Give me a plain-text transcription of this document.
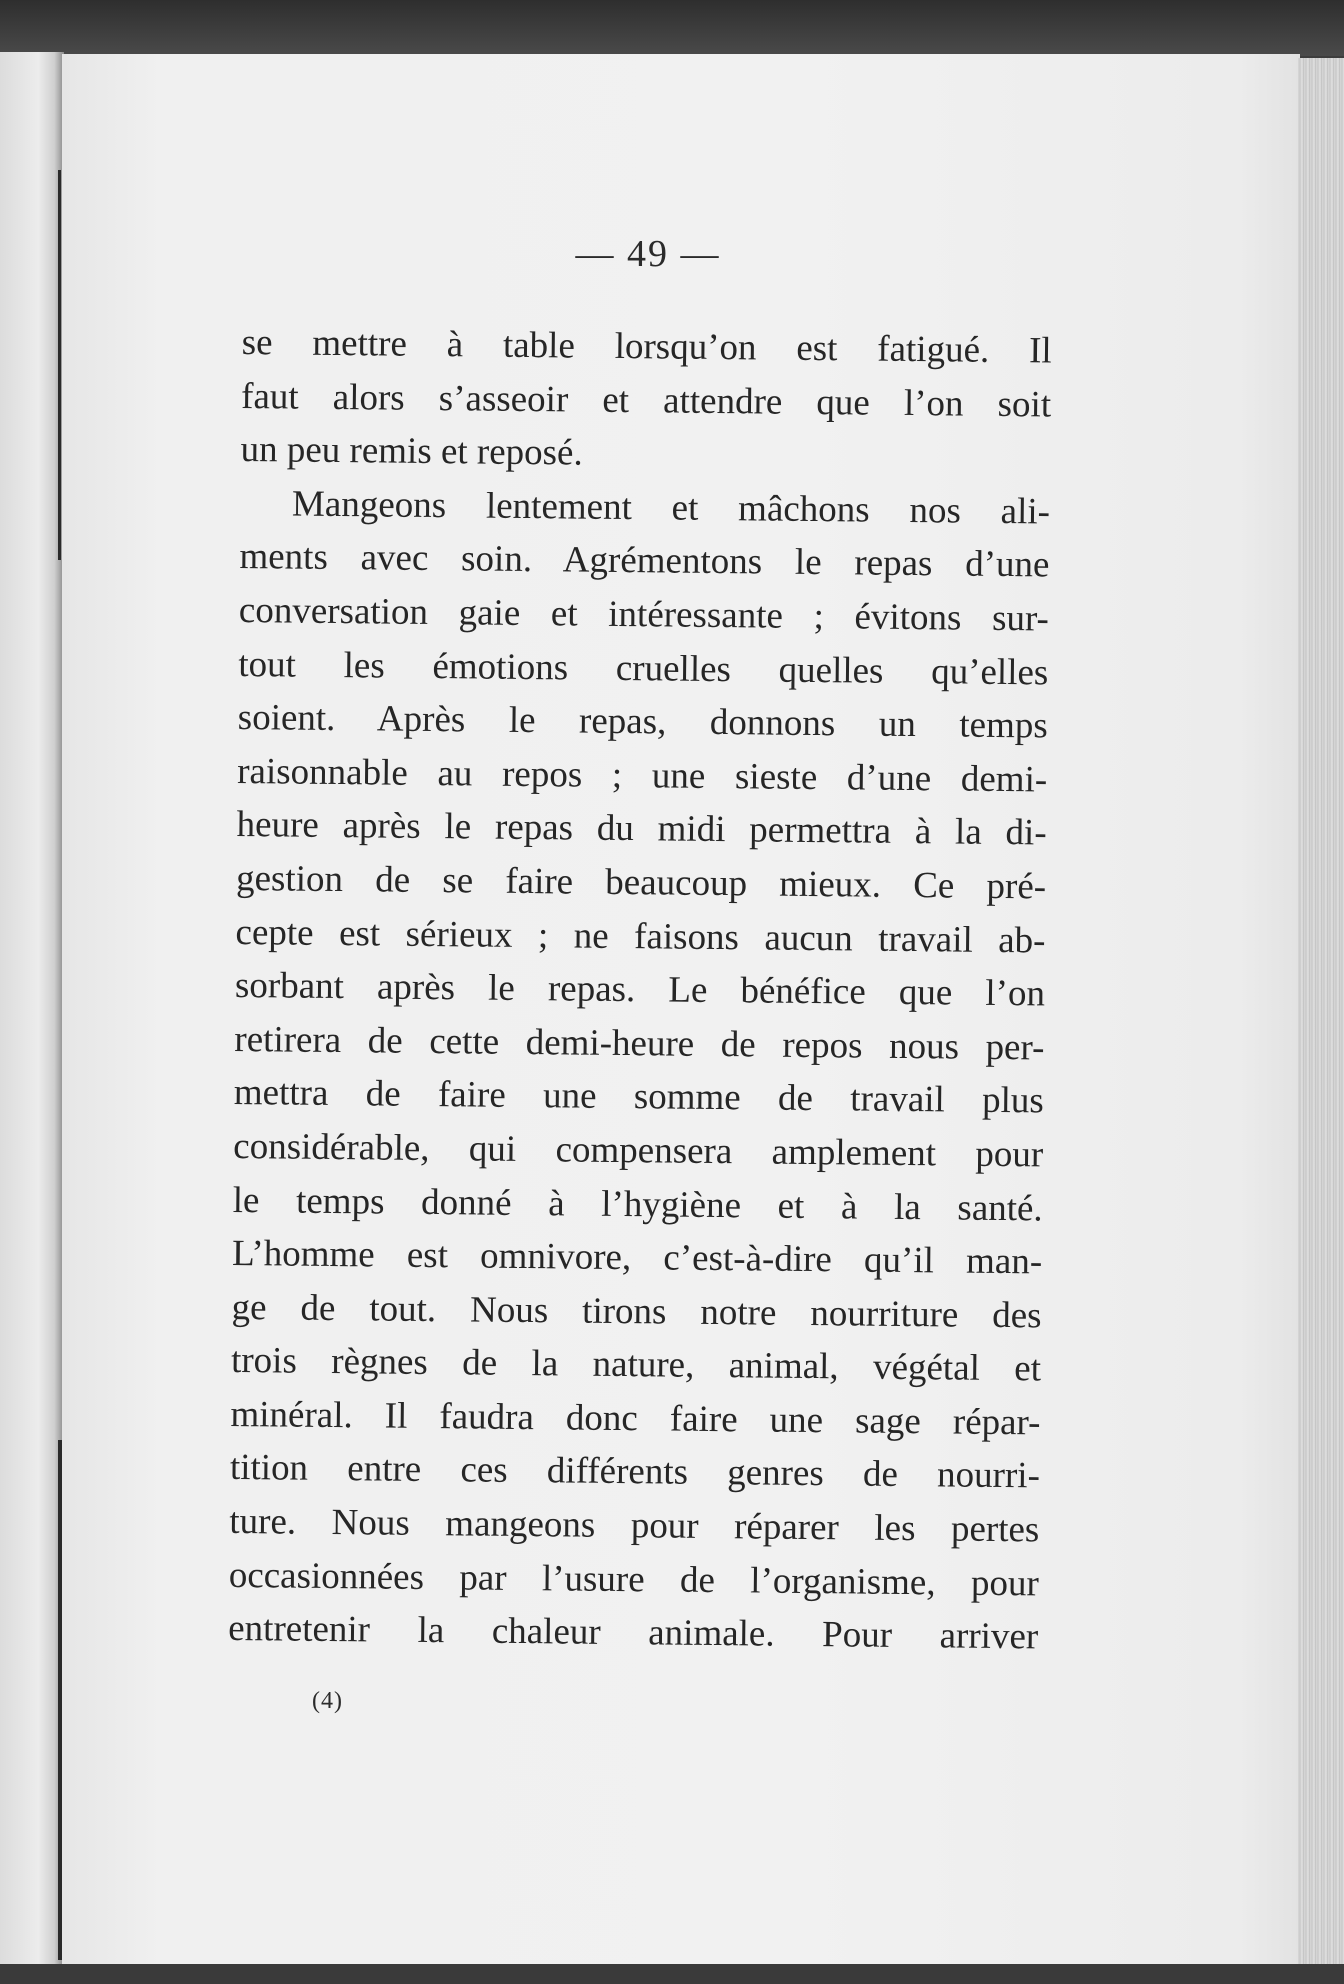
— 49 —
se mettre à table lorsqu’on est fatigué. Il
faut alors s’asseoir et attendre que l’on soit
un peu remis et reposé.
Mangeons lentement et mâchons nos ali-
ments avec soin. Agrémentons le repas d’une
conversation gaie et intéressante ; évitons sur-
tout les émotions cruelles quelles qu’elles
soient. Après le repas, donnons un temps
raisonnable au repos ; une sieste d’une demi-
heure après le repas du midi permettra à la di-
gestion de se faire beaucoup mieux. Ce pré-
cepte est sérieux ; ne faisons aucun travail ab-
sorbant après le repas. Le bénéfice que l’on
retirera de cette demi-heure de repos nous per-
mettra de faire une somme de travail plus
considérable, qui compensera amplement pour
le temps donné à l’hygiène et à la santé.
L’homme est omnivore, c’est-à-dire qu’il man-
ge de tout. Nous tirons notre nourriture des
trois règnes de la nature, animal, végétal et
minéral. Il faudra donc faire une sage répar-
tition entre ces différents genres de nourri-
ture. Nous mangeons pour réparer les pertes
occasionnées par l’usure de l’organisme, pour
entretenir la chaleur animale. Pour arriver
(4)
